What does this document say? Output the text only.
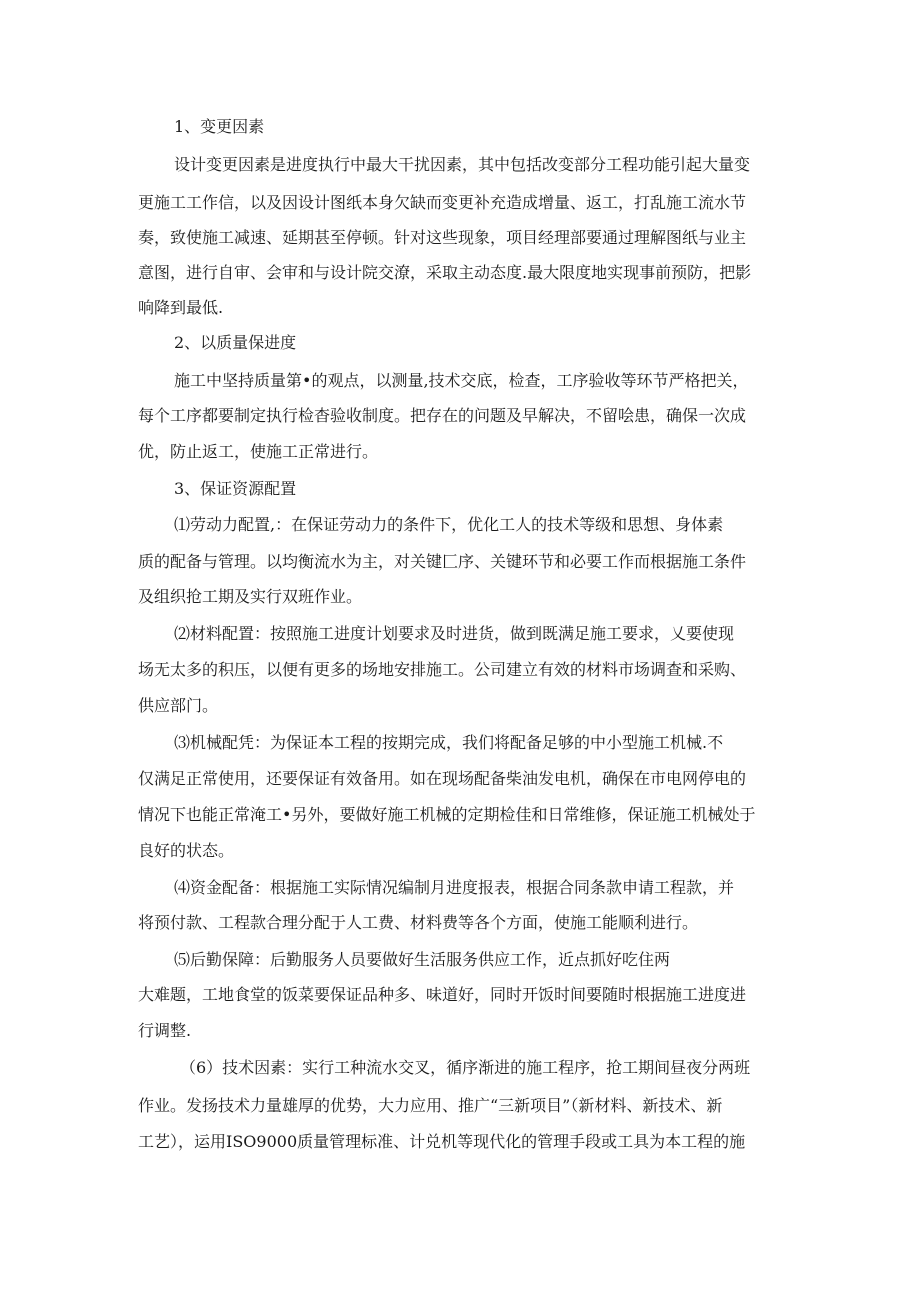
1、变更因素

设计变更因素是进度执行中最大干扰因素，其中包括改变部分工程功能引起大量变

更施工工作信，以及因设计图纸本身欠缺而变更补充造成增量、返工，打乱施工流水节

奏，致使施工减速、延期甚至停顿。针对这些现象，项目经理部要通过理解图纸与业主

意图，进行自审、会审和与设计院交潦，采取主动态度.最大限度地实现事前预防，把影

响降到最低.

2、以质量保进度

施工中坚持质量第•的观点，以测量,技术交底，检查，工序验收等环节严格把关，

每个工序都要制定执行检杳验收制度。把存在的问题及早解决，不留哙患，确保一次成

优，防止返工，使施工正常进行。

3、保证资源配置

⑴劳动力配置,：在保证劳动力的条件下，优化工人的技术等级和思想、身体素

质的配备与管理。以均衡流水为主，对关键匚序、关键环节和必要工作而根据施工条件

及组织抢工期及实行双班作业。

⑵材料配置：按照施工进度计划要求及时进货，做到既满足施工要求，乂要使现

场无太多的积压，以便有更多的场地安排施工。公司建立有效的材料市场调查和采购、

供应部门。

⑶机械配凭：为保证本工程的按期完成，我们将配备足够的中小型施工机械.不

仅满足正常使用，还要保证有效备用。如在现场配备柴油发电机，确保在市电网停电的

情况下也能正常淹工•另外，要做好施工机械的定期检佳和日常维修，保证施工机械处于

良好的状态。

⑷资金配备：根据施工实际情况编制月进度报表，根据合同条款申请工程款，并

将预付款、工程款合理分配于人工费、材料费等各个方面，使施工能顺利进行。

⑸后勤保障：后勤服务人员要做好生活服务供应工作，近点抓好吃住两

大难题，工地食堂的饭菜要保证品种多、味道好，同时开饭时间要随时根据施工进度进

行调整.

（6）技术因素：实行工种流水交叉，循序渐进的施工程序，抢工期间昼夜分两班

作业。发扬技术力量雄厚的优势，大力应用、推广“三新项目”（新材料、新技术、新

工艺），运用ISO9000质量管理标准、计兑机等现代化的管理手段或工具为本工程的施
